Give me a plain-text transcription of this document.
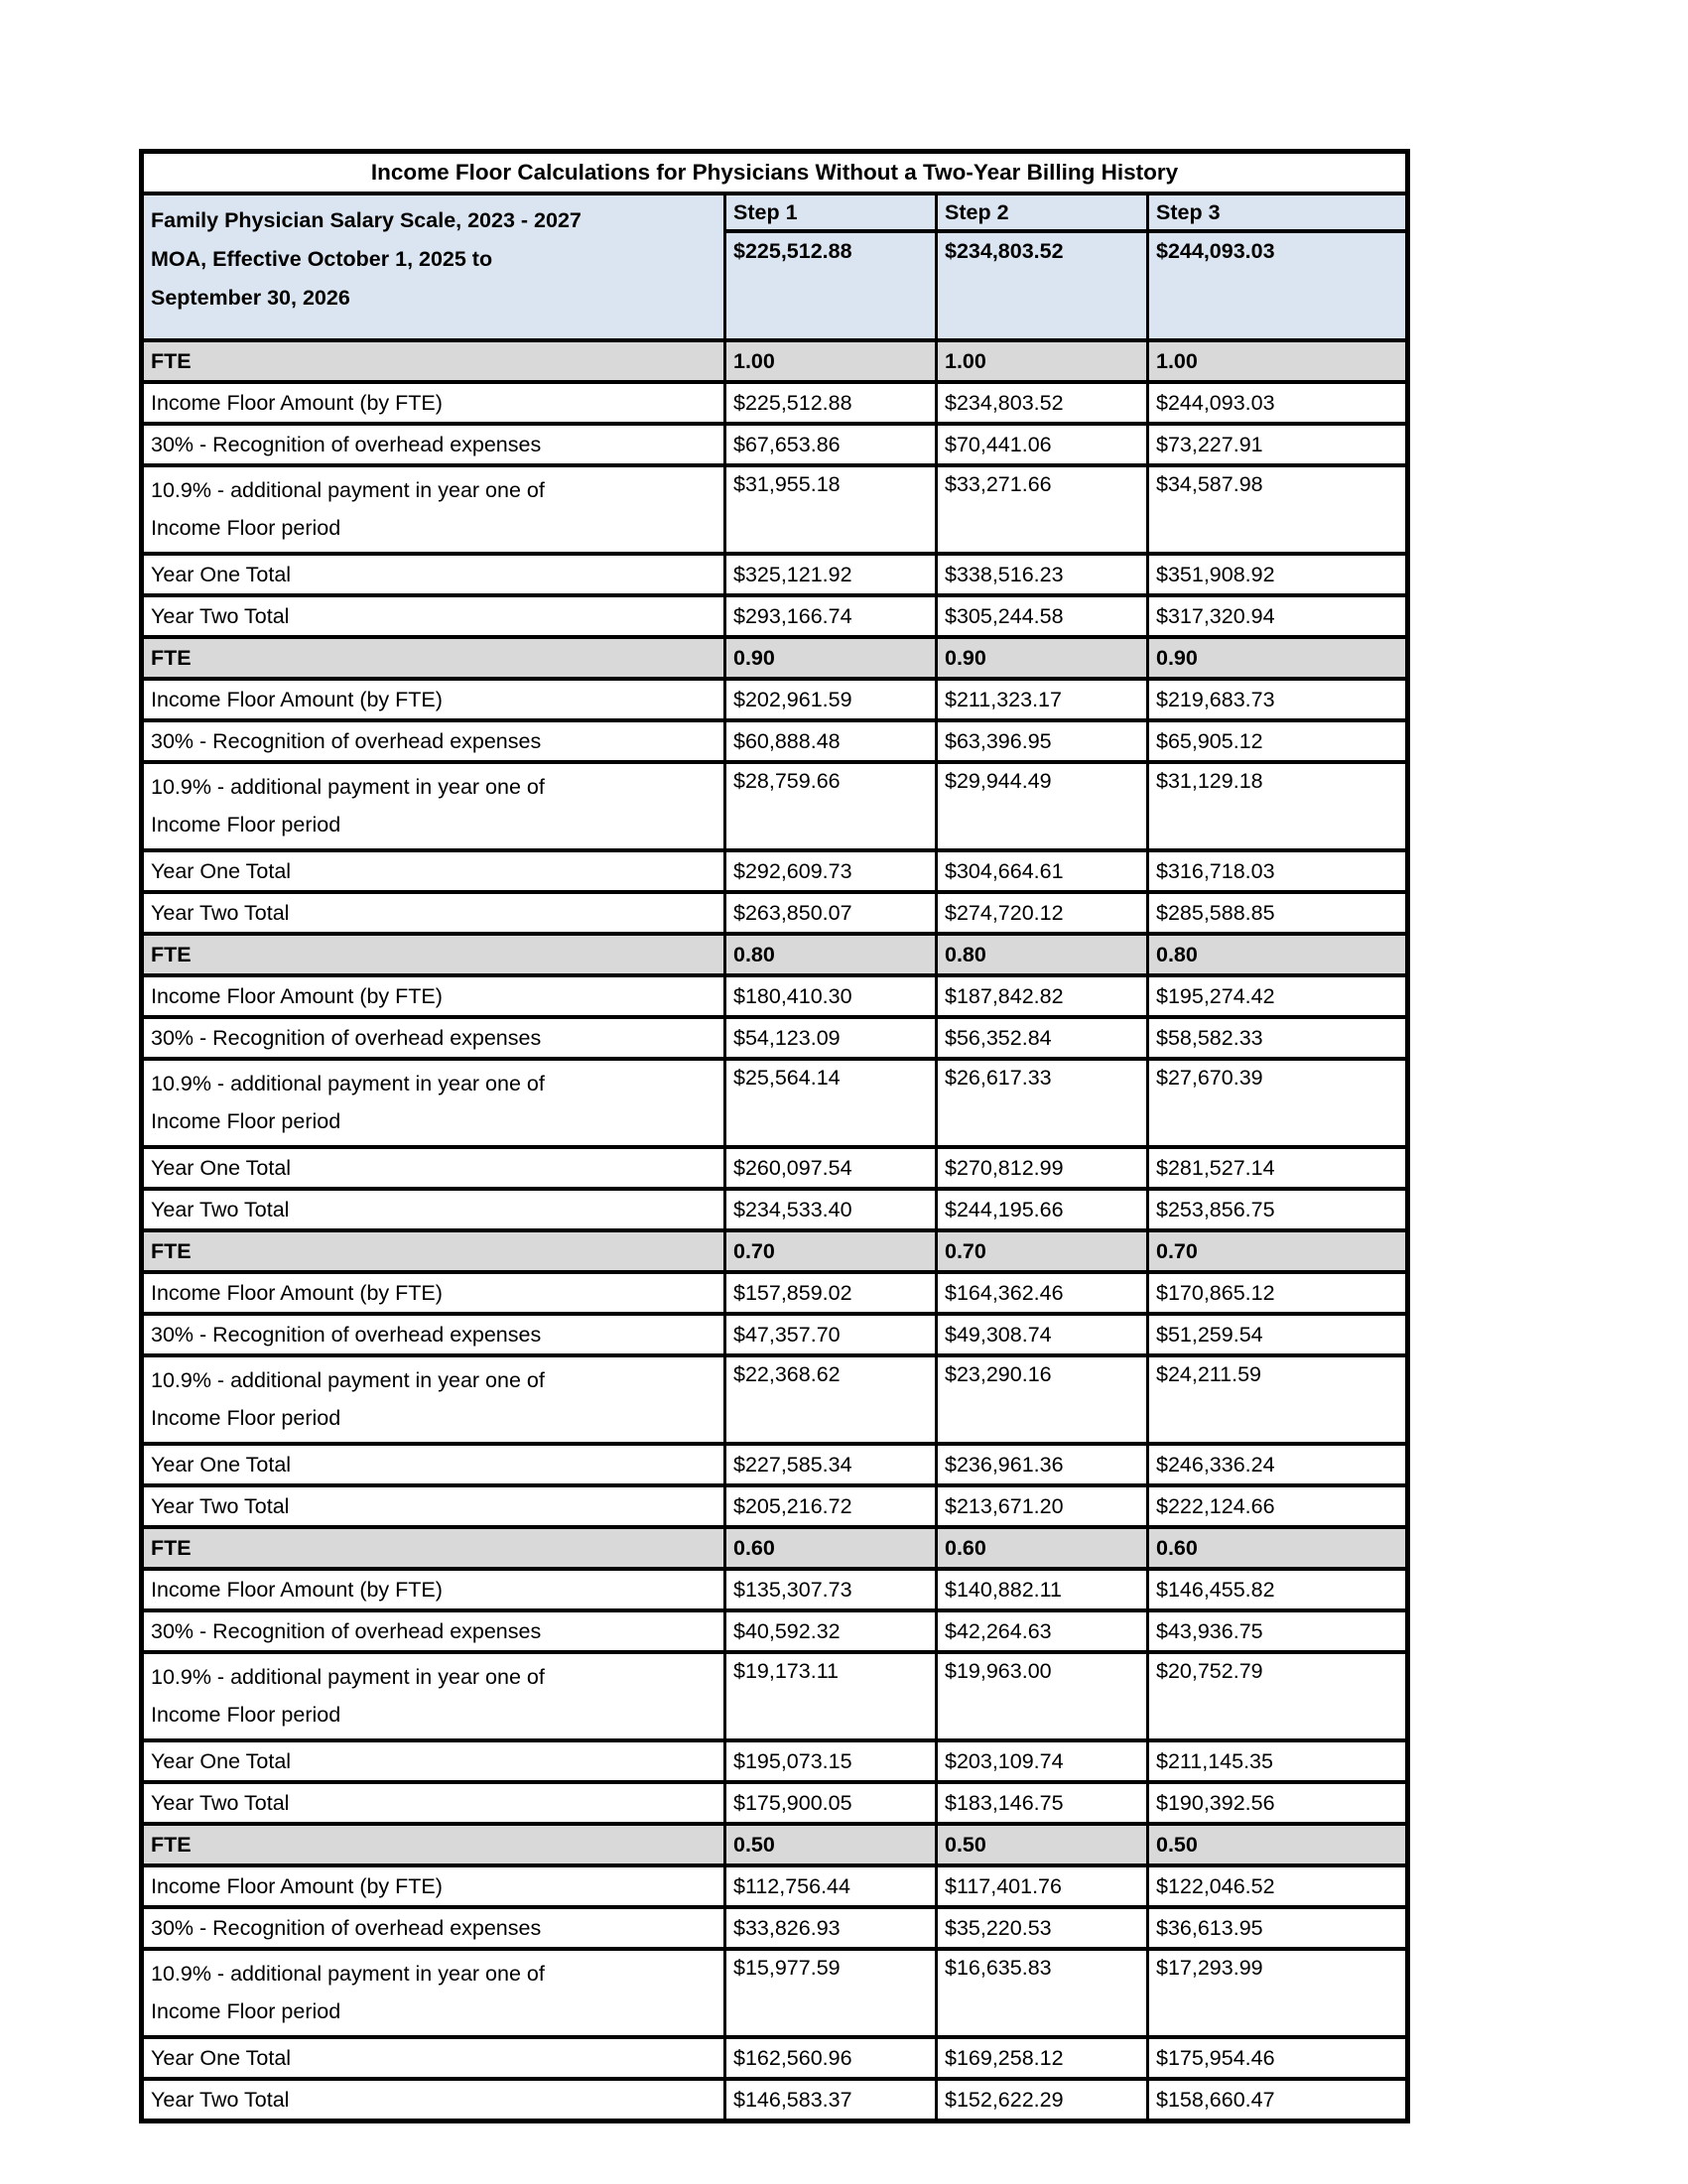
Income Floor Calculations for Physicians Without a Two-Year Billing History			

Family Physician Salary Scale, 2023 - 2027
MOA, Effective October 1, 2025 to
September 30, 2026	Step 1	Step 2	Step 3
	$225,512.88	$234,803.52	$244,093.03
FTE	1.00	1.00	1.00
Income Floor Amount (by FTE)	$225,512.88	$234,803.52	$244,093.03
30% - Recognition of overhead expenses	$67,653.86	$70,441.06	$73,227.91

10.9% - additional payment in year one of
Income Floor period	$31,955.18	$33,271.66	$34,587.98
Year One Total	$325,121.92	$338,516.23	$351,908.92
Year Two Total	$293,166.74	$305,244.58	$317,320.94
FTE	0.90	0.90	0.90
Income Floor Amount (by FTE)	$202,961.59	$211,323.17	$219,683.73
30% - Recognition of overhead expenses	$60,888.48	$63,396.95	$65,905.12

10.9% - additional payment in year one of
Income Floor period	$28,759.66	$29,944.49	$31,129.18
Year One Total	$292,609.73	$304,664.61	$316,718.03
Year Two Total	$263,850.07	$274,720.12	$285,588.85
FTE	0.80	0.80	0.80
Income Floor Amount (by FTE)	$180,410.30	$187,842.82	$195,274.42
30% - Recognition of overhead expenses	$54,123.09	$56,352.84	$58,582.33

10.9% - additional payment in year one of
Income Floor period	$25,564.14	$26,617.33	$27,670.39
Year One Total	$260,097.54	$270,812.99	$281,527.14
Year Two Total	$234,533.40	$244,195.66	$253,856.75
FTE	0.70	0.70	0.70
Income Floor Amount (by FTE)	$157,859.02	$164,362.46	$170,865.12
30% - Recognition of overhead expenses	$47,357.70	$49,308.74	$51,259.54

10.9% - additional payment in year one of
Income Floor period	$22,368.62	$23,290.16	$24,211.59
Year One Total	$227,585.34	$236,961.36	$246,336.24
Year Two Total	$205,216.72	$213,671.20	$222,124.66
FTE	0.60	0.60	0.60
Income Floor Amount (by FTE)	$135,307.73	$140,882.11	$146,455.82
30% - Recognition of overhead expenses	$40,592.32	$42,264.63	$43,936.75

10.9% - additional payment in year one of
Income Floor period	$19,173.11	$19,963.00	$20,752.79
Year One Total	$195,073.15	$203,109.74	$211,145.35
Year Two Total	$175,900.05	$183,146.75	$190,392.56
FTE	0.50	0.50	0.50
Income Floor Amount (by FTE)	$112,756.44	$117,401.76	$122,046.52
30% - Recognition of overhead expenses	$33,826.93	$35,220.53	$36,613.95

10.9% - additional payment in year one of
Income Floor period	$15,977.59	$16,635.83	$17,293.99
Year One Total	$162,560.96	$169,258.12	$175,954.46
Year Two Total	$146,583.37	$152,622.29	$158,660.47
